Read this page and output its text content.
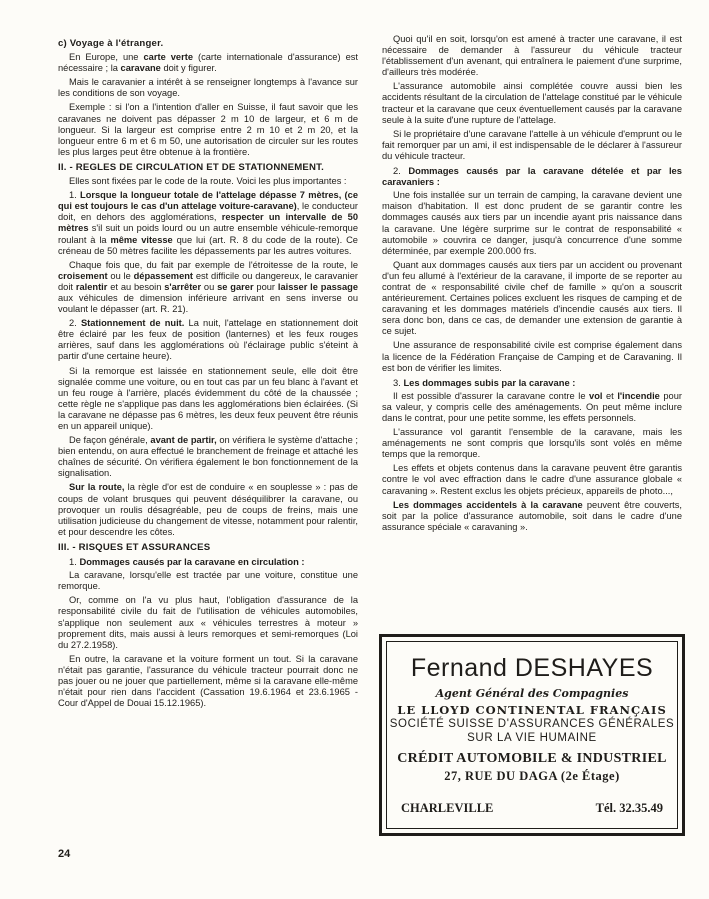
c) Voyage à l'étranger.

En Europe, une carte verte (carte internationale d'assurance) est nécessaire ; la caravane doit y figurer.

Mais le caravanier a intérêt à se renseigner longtemps à l'avance sur les conditions de son voyage.

Exemple : si l'on a l'intention d'aller en Suisse, il faut savoir que les caravanes ne doivent pas dépasser 2 m 10 de largeur, et 6 m de longueur. Si la largeur est comprise entre 2 m 10 et 2 m 20, et la longueur entre 6 m et 6 m 50, une autorisation de circuler sur les routes les plus larges peut être obtenue à la frontière.

II. - REGLES DE CIRCULATION ET DE STATIONNEMENT.

Elles sont fixées par le code de la route. Voici les plus importantes :

1. Lorsque la longueur totale de l'attelage dépasse 7 mètres, (ce qui est toujours le cas d'un attelage voiture-caravane), le conducteur doit, en dehors des agglomérations, respecter un intervalle de 50 mètres s'il suit un poids lourd ou un autre ensemble véhicule-remorque roulant à la même vitesse que lui (art. R. 8 du code de la route). Ce créneau de 50 mètres facilite les dépassements par les autres voitures.

Chaque fois que, du fait par exemple de l'étroitesse de la route, le croisement ou le dépassement est difficile ou dangereux, le caravanier doit ralentir et au besoin s'arrêter ou se garer pour laisser le passage aux véhicules de dimension inférieure arrivant en sens inverse ou voulant le dépasser (art. R. 21).

2. Stationnement de nuit. La nuit, l'attelage en stationnement doit être éclairé par les feux de position (lanternes) et les feux rouges arrières, sauf dans les agglomérations où l'éclairage public s'éteint à partir d'une certaine heure).

Si la remorque est laissée en stationnement seule, elle doit être signalée comme une voiture, ou en tout cas par un feu blanc à l'avant et un feu rouge à l'arrière, placés évidemment du côté de la chaussée ; cette règle ne s'applique pas dans les agglomérations bien éclairées. (Si la caravane ne dépasse pas 6 mètres, les deux feux peuvent être réunis en un appareil unique).

De façon générale, avant de partir, on vérifiera le système d'attache ; bien entendu, on aura effectué le branchement de freinage et attaché les chaînes de sécurité. On vérifiera également le bon fonctionnement de la signalisation.

Sur la route, la règle d'or est de conduire « en souplesse » : pas de coups de volant brusques qui peuvent déséquilibrer la caravane, ou provoquer un roulis désagréable, peu de coups de freins, mais une utilisation judicieuse du changement de vitesse, notamment pour ralentir, et pour descendre les côtes.

III. - RISQUES ET ASSURANCES
1. Dommages causés par la caravane en circulation :

La caravane, lorsqu'elle est tractée par une voiture, constitue une remorque.

Or, comme on l'a vu plus haut, l'obligation d'assurance de la responsabilité civile du fait de l'utilisation de véhicules automobiles, s'applique non seulement aux « véhicules terrestres à moteur » proprement dits, mais aussi à leurs remorques et semi-remorques (Loi du 27.2.1958).

En outre, la caravane et la voiture forment un tout. Si la caravane n'était pas garantie, l'assurance du véhicule tracteur pourrait donc ne pas jouer ou ne jouer que partiellement, même si la caravane elle-même n'était pour rien dans l'accident (Cassation 19.6.1964 et 23.6.1965 - Cour d'Appel de Douai 15.12.1965).

Quoi qu'il en soit, lorsqu'on est amené à tracter une caravane, il est nécessaire de demander à l'assureur du véhicule tracteur l'établissement d'un avenant, qui entraînera le paiement d'une surprime, d'ailleurs très modérée.

L'assurance automobile ainsi complétée couvre aussi bien les accidents résultant de la circulation de l'attelage constitué par le véhicule tracteur et la caravane que ceux éventuellement causés par la caravane seule à la suite d'une rupture de l'attelage.

Si le propriétaire d'une caravane l'attelle à un véhicule d'emprunt ou le fait remorquer par un ami, il est indispensable de le déclarer à l'assureur du véhicule tracteur.

2. Dommages causés par la caravane dételée et par les caravaniers :

Une fois installée sur un terrain de camping, la caravane devient une maison d'habitation. Il est donc prudent de se garantir contre les dommages causés aux tiers par un incendie ayant pris naissance dans la caravane. Une légère surprime sur le contrat de responsabilité « automobile » couvrira ce danger, jusqu'à concurrence d'une somme déterminée, par exemple 200.000 frs.

Quant aux dommages causés aux tiers par un accident ou provenant d'un feu allumé à l'extérieur de la caravane, il importe de se reporter au contrat de « responsabilité civile chef de famille » qu'on a souscrit antérieurement. Certaines polices excluent les risques de camping et de caravaning et les dommages matériels d'incendie causés aux tiers. Il sera donc bon, dans ce cas, de demander une extension de garantie à ce sujet.

Une assurance de responsabilité civile est comprise également dans la licence de la Fédération Française de Camping et de Caravaning. Il est bon de vérifier les limites.

3. Les dommages subis par la caravane :

Il est possible d'assurer la caravane contre le vol et l'incendie pour sa valeur, y compris celle des aménagements. On peut même inclure dans le contrat, pour une petite somme, les effets personnels.

L'assurance vol garantit l'ensemble de la caravane, mais les aménagements ne sont compris que lorsqu'ils sont volés en même temps que la remorque.

Les effets et objets contenus dans la caravane peuvent être garantis contre le vol avec effraction dans le cadre d'une assurance globale « caravaning ». Restent exclus les objets précieux, appareils de photo...,

Les dommages accidentels à la caravane peuvent être couverts, soit par la police d'assurance automobile, soit dans le cadre d'une assurance spéciale « caravaning ».

Fernand DESHAYES
Agent Général des Compagnies
LE LLOYD CONTINENTAL FRANÇAIS
SOCIÉTÉ SUISSE D'ASSURANCES GÉNÉRALES
SUR LA VIE HUMAINE
CRÉDIT AUTOMOBILE & INDUSTRIEL
27, RUE DU DAGA (2e Étage)
CHARLEVILLE	Tél. 32.35.49
24
